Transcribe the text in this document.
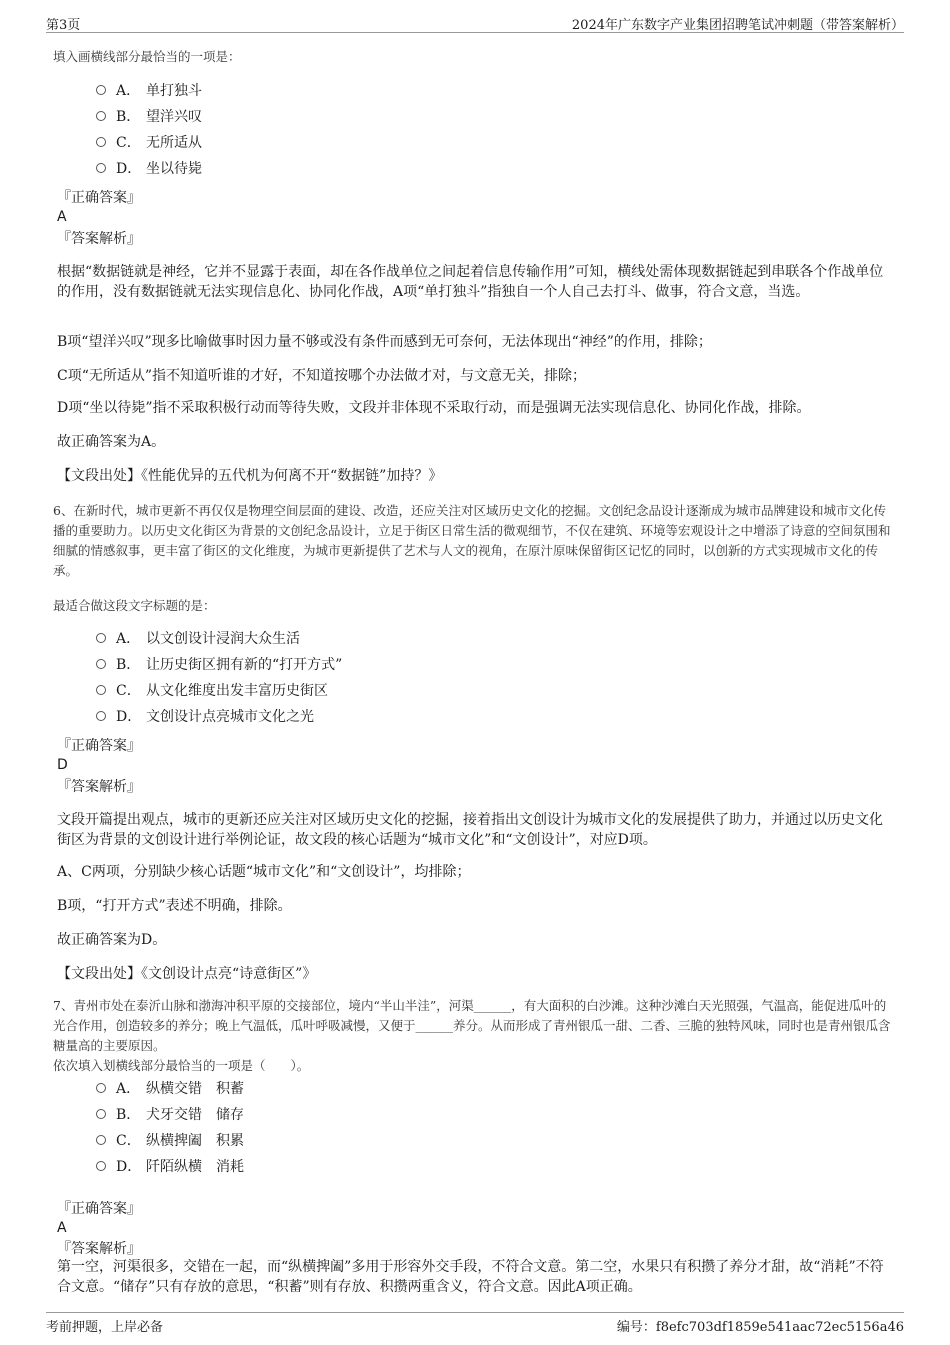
第3页	2024年广东数字产业集团招聘笔试冲刺题（带答案解析）
填入画横线部分最恰当的一项是：
A． 单打独斗
B． 望洋兴叹
C． 无所适从
D． 坐以待毙
『正确答案』
A
『答案解析』
根据“数据链就是神经，它并不显露于表面，却在各作战单位之间起着信息传输作用”可知，横线处需体现数据链起到串联各个作战单位的作用，没有数据链就无法实现信息化、协同化作战，A项“单打独斗”指独自一个人自己去打斗、做事，符合文意，当选。
B项“望洋兴叹”现多比喻做事时因力量不够或没有条件而感到无可奈何，无法体现出“神经”的作用，排除；
C项“无所适从”指不知道听谁的才好，不知道按哪个办法做才对，与文意无关，排除；
D项“坐以待毙”指不采取积极行动而等待失败，文段并非体现不采取行动，而是强调无法实现信息化、协同化作战，排除。
故正确答案为A。
【文段出处】《性能优异的五代机为何离不开“数据链”加持？》
6、在新时代，城市更新不再仅仅是物理空间层面的建设、改造，还应关注对区域历史文化的挖掘。文创纪念品设计逐渐成为城市品牌建设和城市文化传播的重要助力。以历史文化街区为背景的文创纪念品设计，立足于街区日常生活的微观细节，不仅在建筑、环境等宏观设计之中增添了诗意的空间氛围和细腻的情感叙事，更丰富了街区的文化维度，为城市更新提供了艺术与人文的视角，在原汁原味保留街区记忆的同时，以创新的方式实现城市文化的传承。
最适合做这段文字标题的是：
A． 以文创设计浸润大众生活
B． 让历史街区拥有新的“打开方式”
C． 从文化维度出发丰富历史街区
D． 文创设计点亮城市文化之光
『正确答案』
D
『答案解析』
文段开篇提出观点，城市的更新还应关注对区域历史文化的挖掘，接着指出文创设计为城市文化的发展提供了助力，并通过以历史文化街区为背景的文创设计进行举例论证，故文段的核心话题为“城市文化”和“文创设计”，对应D项。
A、C两项，分别缺少核心话题“城市文化”和“文创设计”，均排除；
B项，“打开方式”表述不明确，排除。
故正确答案为D。
【文段出处】《文创设计点亮“诗意街区”》
7、青州市处在泰沂山脉和渤海冲积平原的交接部位，境内“半山半洼”，河渠______，有大面积的白沙滩。这种沙滩白天光照强，气温高，能促进瓜叶的光合作用，创造较多的养分；晚上气温低，瓜叶呼吸减慢，又便于______养分。从而形成了青州银瓜一甜、二香、三脆的独特风味，同时也是青州银瓜含糖量高的主要原因。
依次填入划横线部分最恰当的一项是（　　）。
A． 纵横交错　积蓄
B． 犬牙交错　储存
C． 纵横捭阖　积累
D． 阡陌纵横　消耗
『正确答案』
A
『答案解析』
第一空，河渠很多，交错在一起，而“纵横捭阖”多用于形容外交手段，不符合文意。第二空，水果只有积攒了养分才甜，故“消耗”不符合文意。“储存”只有存放的意思，“积蓄”则有存放、积攒两重含义，符合文意。因此A项正确。
考前押题，上岸必备	编号：f8efc703df1859e541aac72ec5156a46
